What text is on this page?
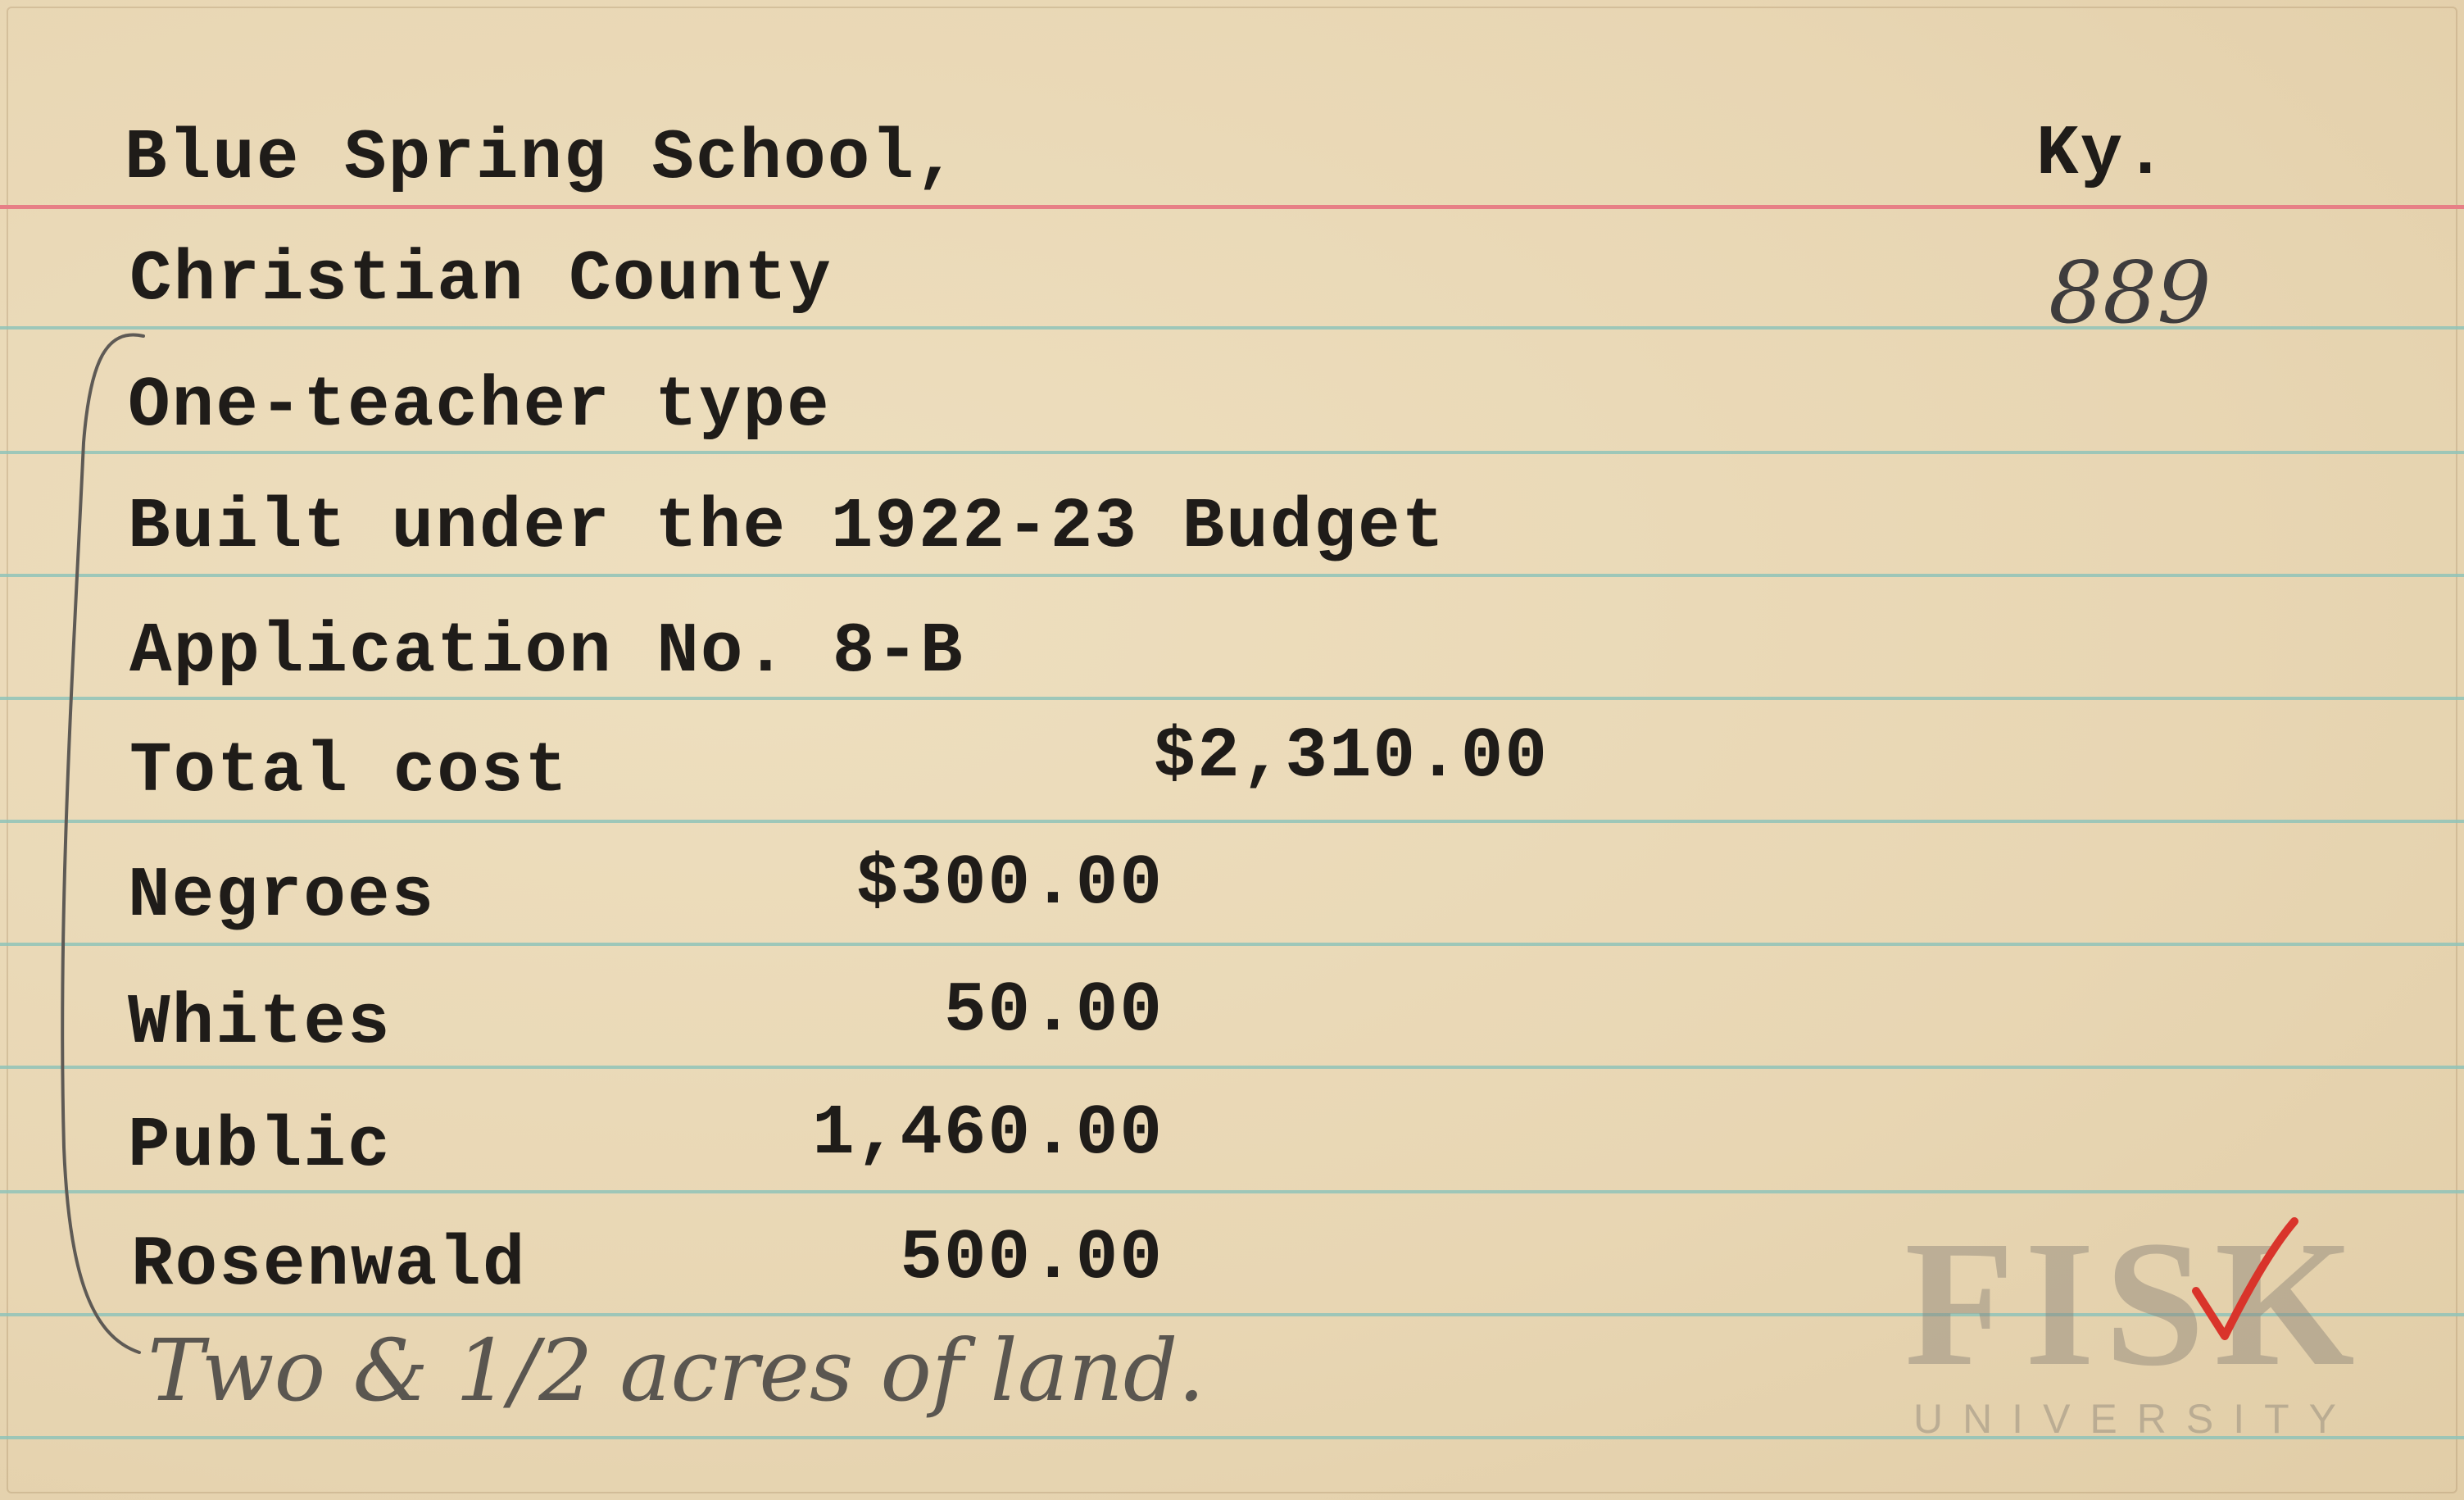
Blue Spring School,	Ky.
889
Christian County
One-teacher type
Built under the 1922-23 Budget
Application No. 8-B
Total cost	$2,310.00
Negroes	$300.00
Whites	50.00
Public	1,460.00
Rosenwald	500.00
Two & 1/2 acres of land.	FISK
UNIVERSITY
